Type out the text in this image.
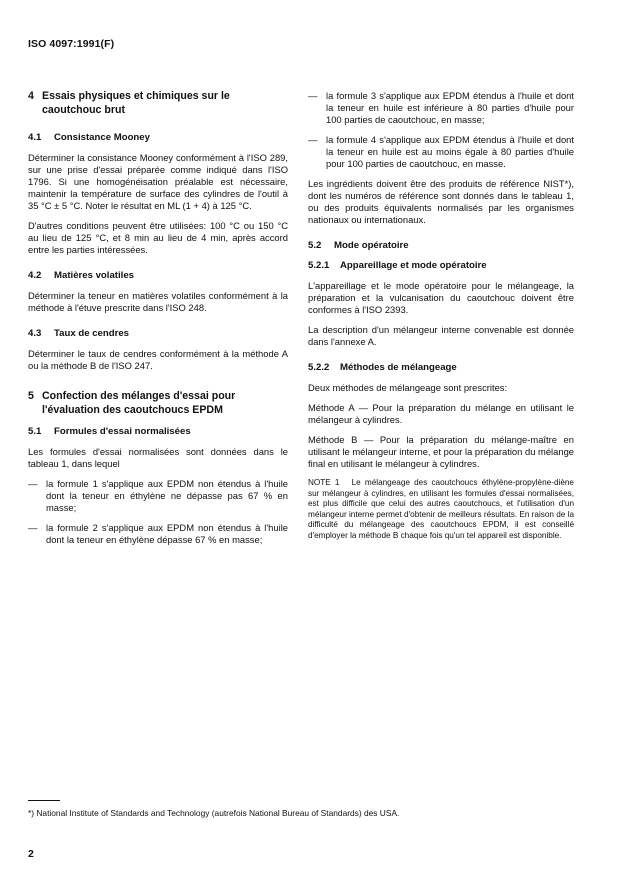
ISO 4097:1991(F)
4 Essais physiques et chimiques sur le caoutchouc brut
4.1	Consistance Mooney

Déterminer la consistance Mooney conformément à l'ISO 289, sur une prise d'essai préparée comme indiqué dans l'ISO 1796. Si une homogénéisation préalable est nécessaire, maintenir la température de surface des cylindres de l'outil à 35 °C ± 5 °C. Noter le résultat en ML (1 + 4) à 125 °C.

D'autres conditions peuvent être utilisées: 100 °C ou 150 °C au lieu de 125 °C, et 8 min au lieu de 4 min, après accord entre les parties intéressées.

4.2	Matières volatiles

Déterminer la teneur en matières volatiles conformément à la méthode à l'étuve prescrite dans l'ISO 248.

4.3	Taux de cendres

Déterminer le taux de cendres conformément à la méthode A ou la méthode B de l'ISO 247.

5 Confection des mélanges d'essai pour l'évaluation des caoutchoucs EPDM
5.1	Formules d'essai normalisées

Les formules d'essai normalisées sont données dans le tableau 1, dans lequel

— la formule 1 s'applique aux EPDM non étendus à l'huile dont la teneur en éthylène ne dépasse pas 67 % en masse;
— la formule 2 s'applique aux EPDM non étendus à l'huile dont la teneur en éthylène dépasse 67 % en masse;
— la formule 3 s'applique aux EPDM étendus à l'huile et dont la teneur en huile est inférieure à 80 parties d'huile pour 100 parties de caoutchouc, en masse;
— la formule 4 s'applique aux EPDM étendus à l'huile et dont la teneur en huile est au moins égale à 80 parties d'huile pour 100 parties de caoutchouc, en masse.

Les ingrédients doivent être des produits de référence NIST*), dont les numéros de référence sont donnés dans le tableau 1, ou des produits équivalents normalisés par les organismes nationaux ou internationaux.

5.2	Mode opératoire
5.2.1	Appareillage et mode opératoire

L'appareillage et le mode opératoire pour le mélangeage, la préparation et la vulcanisation du caoutchouc doivent être conformes à l'ISO 2393.

La description d'un mélangeur interne convenable est donnée dans l'annexe A.

5.2.2	Méthodes de mélangeage

Deux méthodes de mélangeage sont prescrites:

Méthode A — Pour la préparation du mélange en utilisant le mélangeur à cylindres.

Méthode B — Pour la préparation du mélange-maître en utilisant le mélangeur interne, et pour la préparation du mélange final en utilisant le mélangeur à cylindres.

NOTE 1 Le mélangeage des caoutchoucs éthylène-propylène-diène sur mélangeur à cylindres, en utilisant les formules d'essai normalisées, est plus difficile que celui des autres caoutchoucs, et l'utilisation d'un mélangeur interne permet d'obtenir de meilleurs résultats. En raison de la difficulté du mélangeage des caoutchoucs EPDM, il est conseillé d'employer la méthode B chaque fois qu'un tel appareil est disponible.
*) National Institute of Standards and Technology (autrefois National Bureau of Standards) des USA.
2
